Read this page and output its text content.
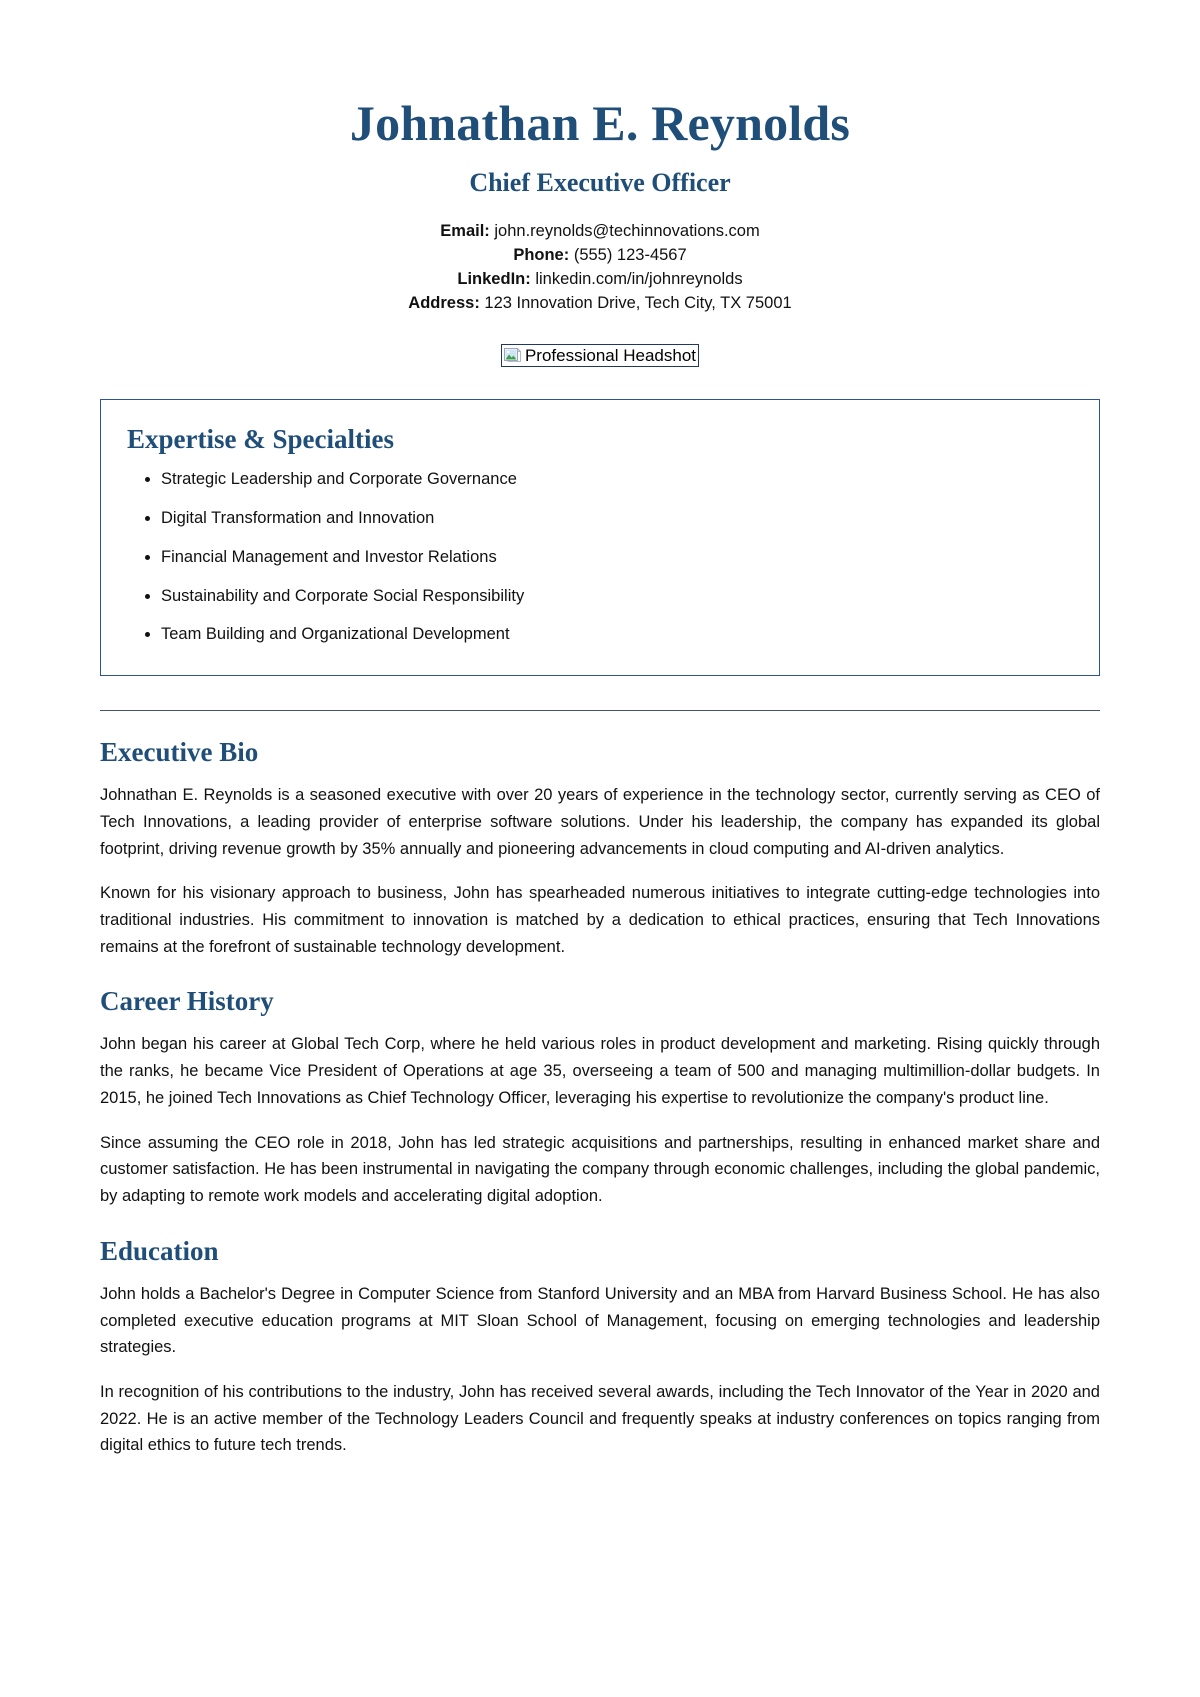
Johnathan E. Reynolds
Chief Executive Officer

Email: john.reynolds@techinnovations.com

Phone: (555) 123-4567

LinkedIn: linkedin.com/in/johnreynolds

Address: 123 Innovation Drive, Tech City, TX 75001

Professional Headshot
Expertise & Specialties
• Strategic Leadership and Corporate Governance
• Digital Transformation and Innovation
• Financial Management and Investor Relations
• Sustainability and Corporate Social Responsibility
• Team Building and Organizational Development
Executive Bio

Johnathan E. Reynolds is a seasoned executive with over 20 years of experience in the technology sector, currently serving as CEO of Tech Innovations, a leading provider of enterprise software solutions. Under his leadership, the company has expanded its global footprint, driving revenue growth by 35% annually and pioneering advancements in cloud computing and AI-driven analytics.

Known for his visionary approach to business, John has spearheaded numerous initiatives to integrate cutting-edge technologies into traditional industries. His commitment to innovation is matched by a dedication to ethical practices, ensuring that Tech Innovations remains at the forefront of sustainable technology development.

Career History

John began his career at Global Tech Corp, where he held various roles in product development and marketing. Rising quickly through the ranks, he became Vice President of Operations at age 35, overseeing a team of 500 and managing multimillion-dollar budgets. In 2015, he joined Tech Innovations as Chief Technology Officer, leveraging his expertise to revolutionize the company's product line.

Since assuming the CEO role in 2018, John has led strategic acquisitions and partnerships, resulting in enhanced market share and customer satisfaction. He has been instrumental in navigating the company through economic challenges, including the global pandemic, by adapting to remote work models and accelerating digital adoption.

Education

John holds a Bachelor's Degree in Computer Science from Stanford University and an MBA from Harvard Business School. He has also completed executive education programs at MIT Sloan School of Management, focusing on emerging technologies and leadership strategies.

In recognition of his contributions to the industry, John has received several awards, including the Tech Innovator of the Year in 2020 and 2022. He is an active member of the Technology Leaders Council and frequently speaks at industry conferences on topics ranging from digital ethics to future tech trends.
